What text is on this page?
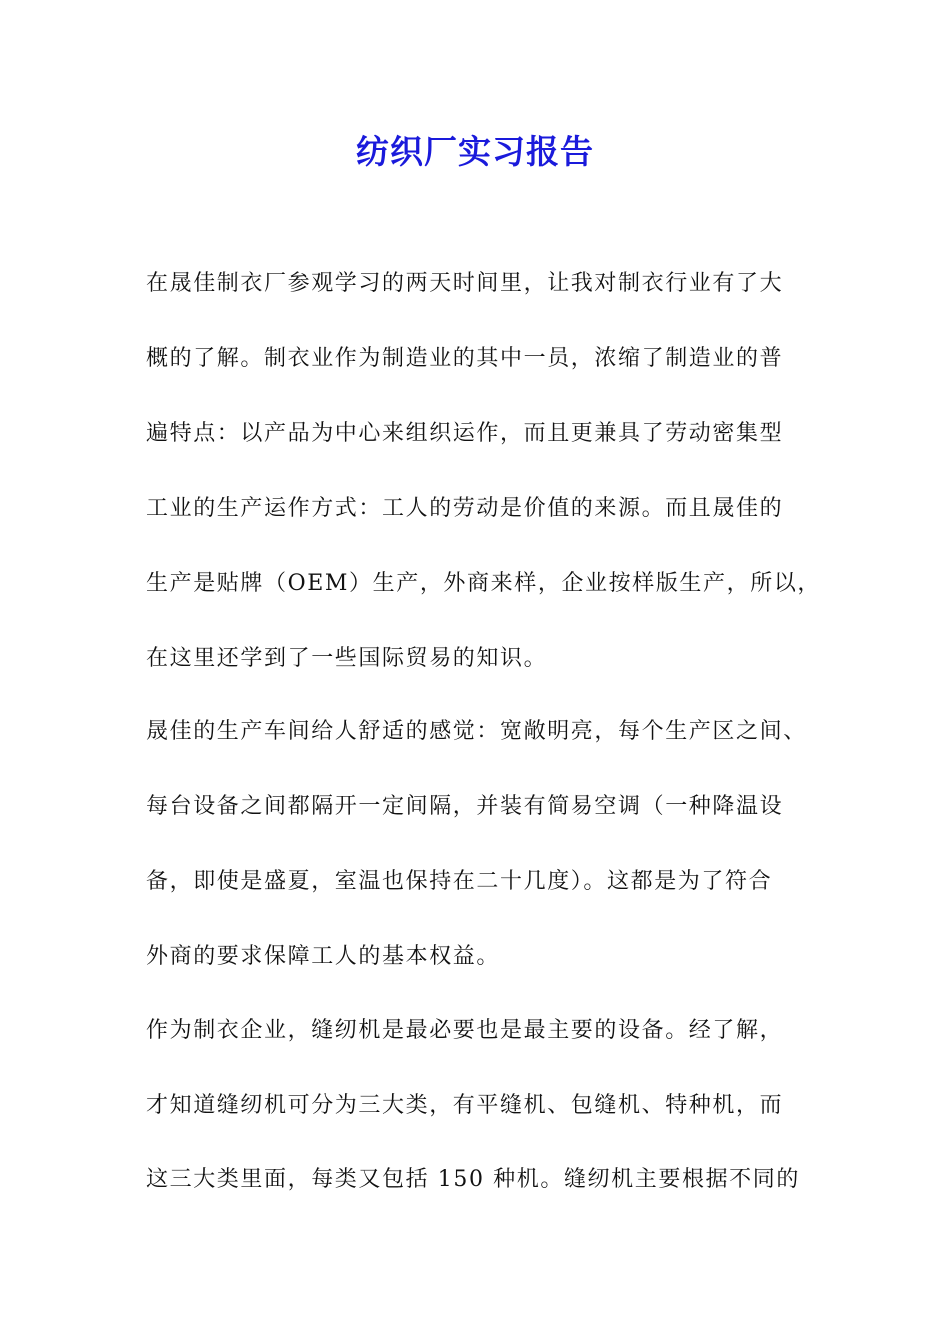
纺织厂实习报告
在晟佳制衣厂参观学习的两天时间里，让我对制衣行业有了大
概的了解。制衣业作为制造业的其中一员，浓缩了制造业的普
遍特点：以产品为中心来组织运作，而且更兼具了劳动密集型
工业的生产运作方式：工人的劳动是价值的来源。而且晟佳的
生产是贴牌（OEM）生产，外商来样，企业按样版生产，所以，
在这里还学到了一些国际贸易的知识。
晟佳的生产车间给人舒适的感觉：宽敞明亮，每个生产区之间、
每台设备之间都隔开一定间隔，并装有简易空调（一种降温设
备，即使是盛夏，室温也保持在二十几度）。这都是为了符合
外商的要求保障工人的基本权益。
作为制衣企业，缝纫机是最必要也是最主要的设备。经了解，
才知道缝纫机可分为三大类，有平缝机、包缝机、特种机，而
这三大类里面，每类又包括 150 种机。缝纫机主要根据不同的
